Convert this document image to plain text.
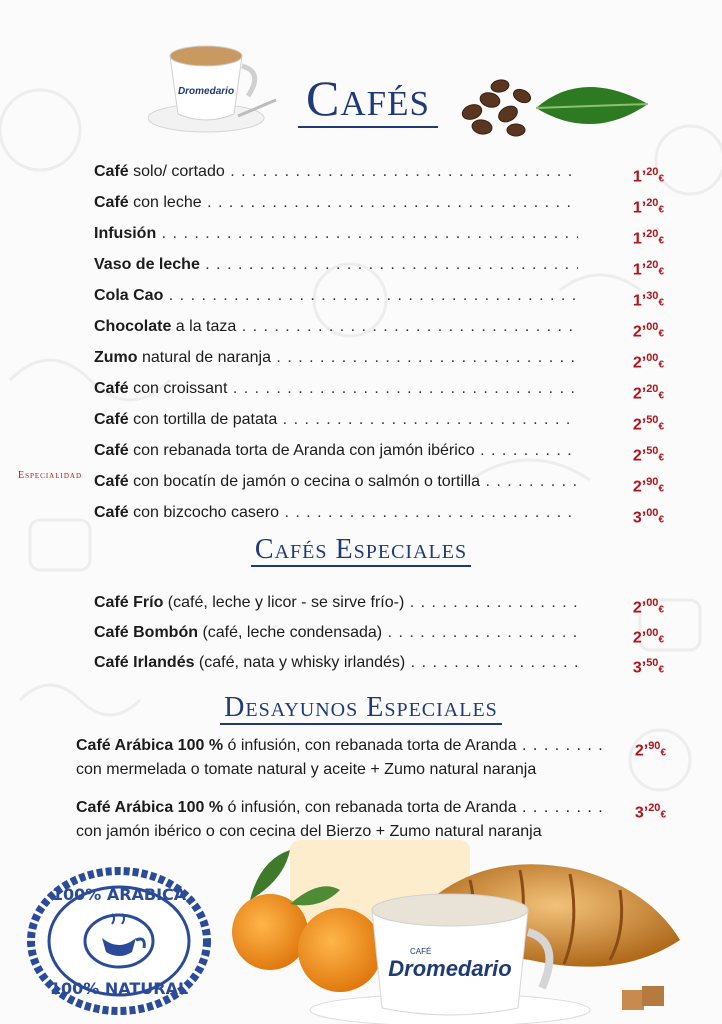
Dromedario Cafés
Café solo/ cortado . . .	1’$^{20}$€
Café con leche . . .	1’$^{20}$€
Infusión . . .	1’$^{20}$€
Vaso de leche . . .	1’$^{20}$€
Cola Cao . . .	1’$^{30}$€
Chocolate a la taza . . .	2’$^{00}$€
Zumo natural de naranja . . .	2’$^{00}$€
Café con croissant . . .	2’$^{20}$€
Café con tortilla de patata . . .	2’$^{50}$€
Café con rebanada torta de Aranda con jamón ibérico . . .	2’$^{50}$€
Café con bocatín de jamón o cecina o salmón o tortilla . . .	2’$^{90}$€
Café con bizcocho casero . . .	3’$^{00}$€
Especialidad
Cafés Especiales
Café Frío (café, leche y licor - se sirve frío-) . . .	2’$^{00}$€
Café Bombón (café, leche condensada) . . .	2’$^{00}$€
Café Irlandés (café, nata y whisky irlandés) . . .	3’$^{50}$€
Desayunos Especiales
Café Arábica 100 % ó infusión, con rebanada torta de Aranda . . .
con mermelada o tomate natural y aceite + Zumo natural naranja
2’$^{90}$€
Café Arábica 100 % ó infusión, con rebanada torta de Aranda . . .
con jamón ibérico o con cecina del Bierzo + Zumo natural naranja
3’$^{20}$€
100% ARABICA
100% NATURAL
Dromedario
CAFÉ
